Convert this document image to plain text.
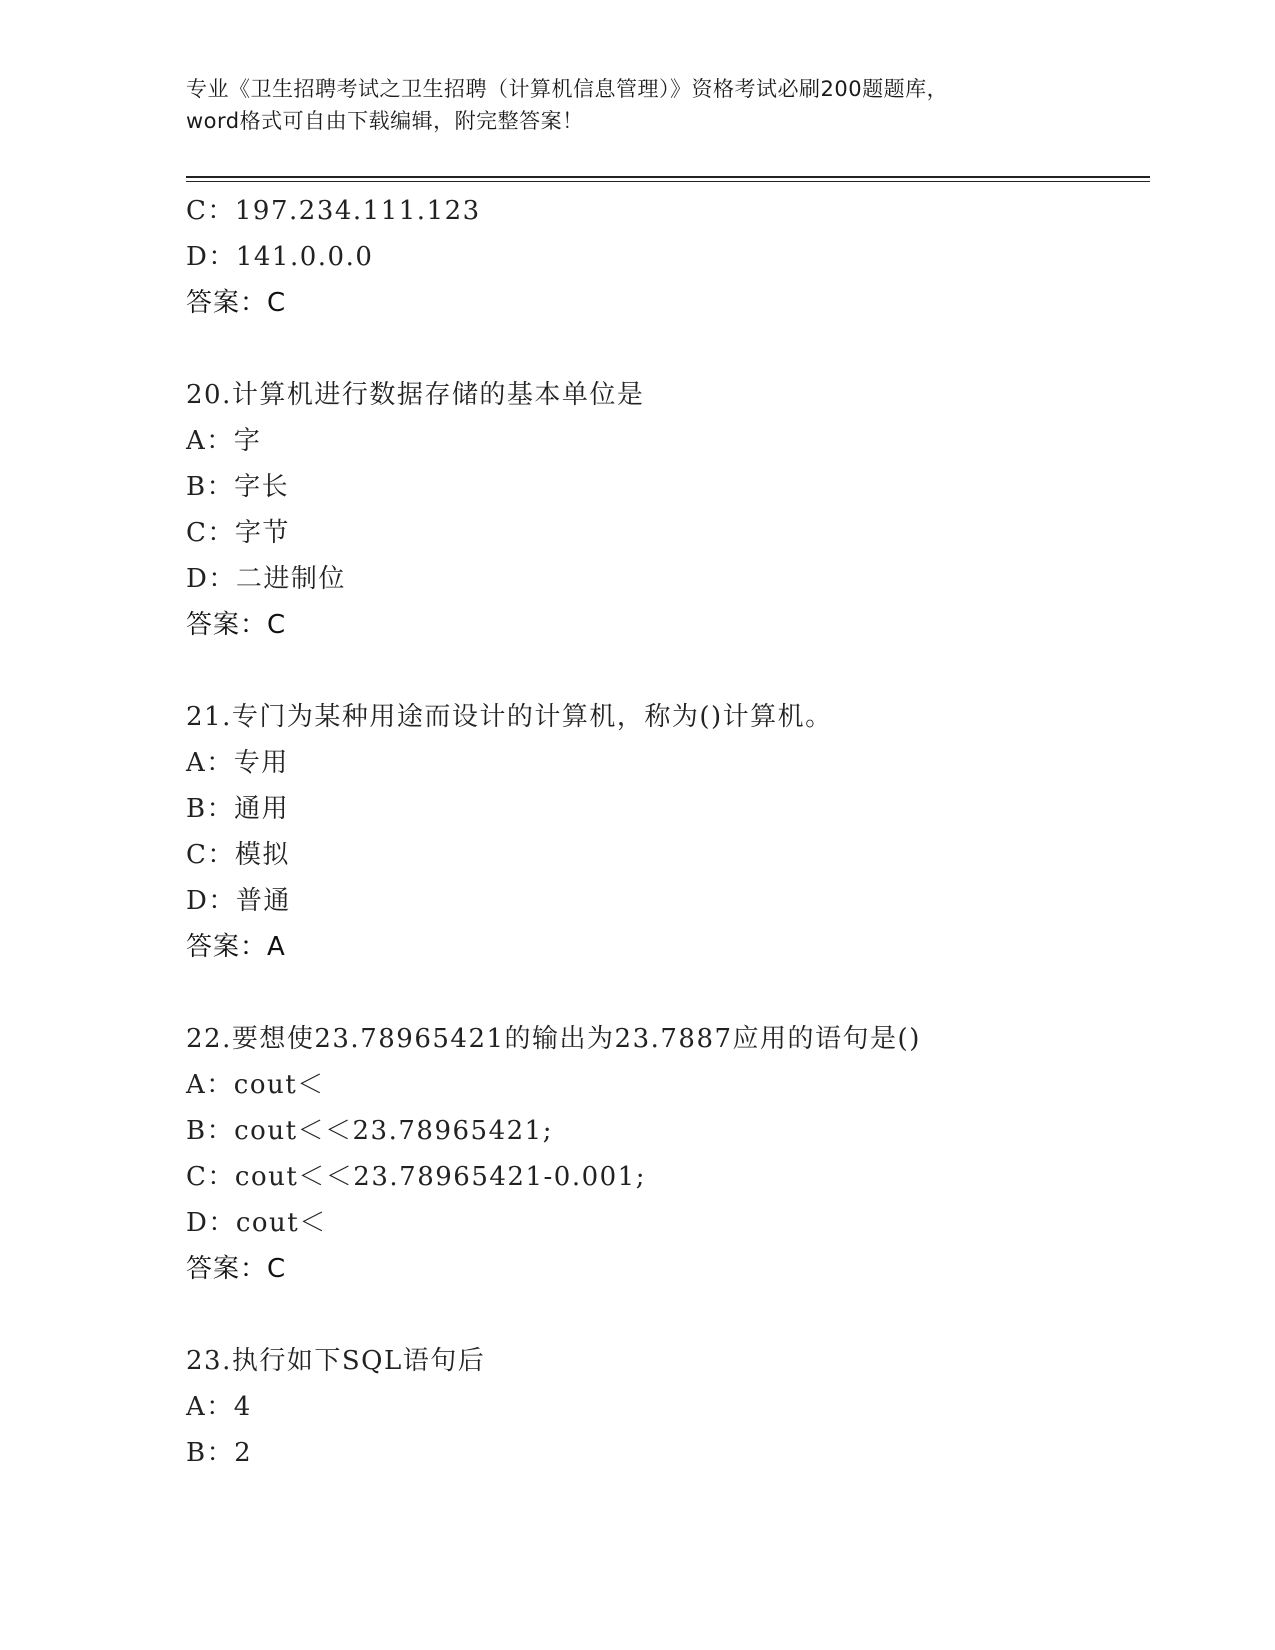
专业《卫生招聘考试之卫生招聘（计算机信息管理）》资格考试必刷200题题库，
word格式可自由下载编辑，附完整答案！
C：197.234.111.123
D：141.0.0.0
答案：C
20.计算机进行数据存储的基本单位是
A：字
B：字长
C：字节
D：二进制位
答案：C
21.专门为某种用途而设计的计算机，称为()计算机。
A：专用
B：通用
C：模拟
D：普通
答案：A
22.要想使23.78965421的输出为23.7887应用的语句是()
A：cout＜
B：cout＜＜23.78965421;
C：cout＜＜23.78965421-0.001;
D：cout＜
答案：C
23.执行如下SQL语句后
A：4
B：2
